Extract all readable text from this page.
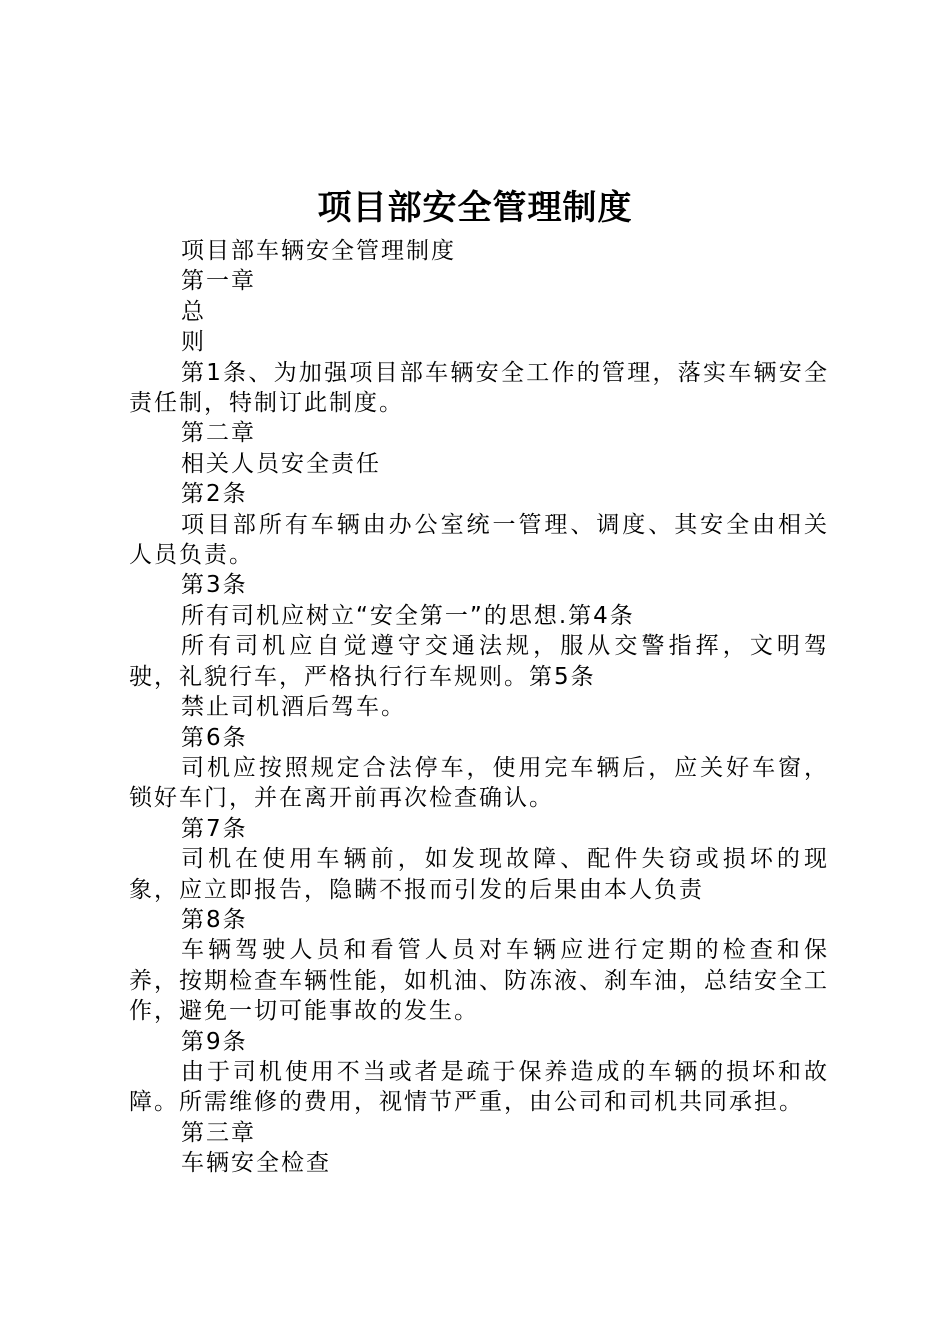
项目部安全管理制度

项目部车辆安全管理制度

第一章

总

则

第1条、为加强项目部车辆安全工作的管理，落实车辆安全责任制，特制订此制度。

第二章

相关人员安全责任

第2条

项目部所有车辆由办公室统一管理、调度、其安全由相关人员负责。

第3条

所有司机应树立“安全第一”的思想.第4条

所有司机应自觉遵守交通法规，服从交警指挥，文明驾驶，礼貌行车，严格执行行车规则。第5条

禁止司机酒后驾车。

第6条

司机应按照规定合法停车，使用完车辆后，应关好车窗，锁好车门，并在离开前再次检查确认。

第7条

司机在使用车辆前，如发现故障、配件失窃或损坏的现象，应立即报告，隐瞒不报而引发的后果由本人负责

第8条

车辆驾驶人员和看管人员对车辆应进行定期的检查和保养，按期检查车辆性能，如机油、防冻液、刹车油，总结安全工作，避免一切可能事故的发生。

第9条

由于司机使用不当或者是疏于保养造成的车辆的损坏和故障。所需维修的费用，视情节严重，由公司和司机共同承担。

第三章

车辆安全检查
